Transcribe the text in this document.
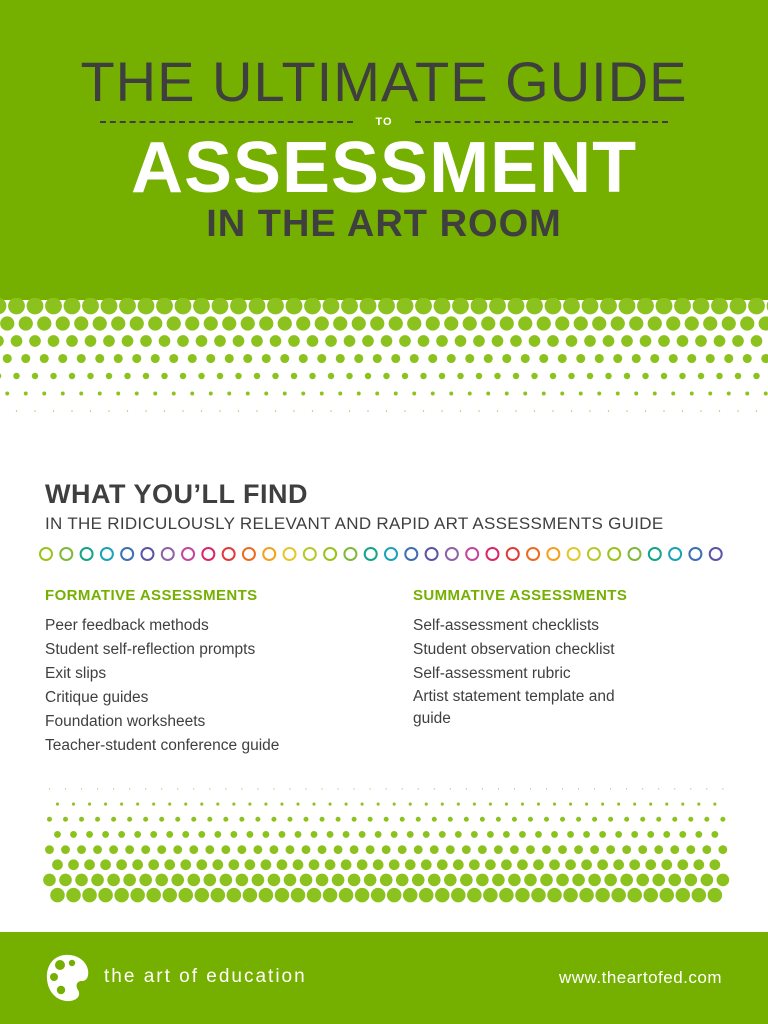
THE ULTIMATE GUIDE
TO
ASSESSMENT
IN THE ART ROOM
WHAT YOU’LL FIND
IN THE RIDICULOUSLY RELEVANT AND RAPID ART ASSESSMENTS GUIDE
FORMATIVE ASSESSMENTS
Peer feedback methods
Student self-reflection prompts
Exit slips
Critique guides
Foundation worksheets
Teacher-student conference guide
SUMMATIVE ASSESSMENTS
Self-assessment checklists
Student observation checklist
Self-assessment rubric
Artist statement template and guide
the art of education	www.theartofed.com
